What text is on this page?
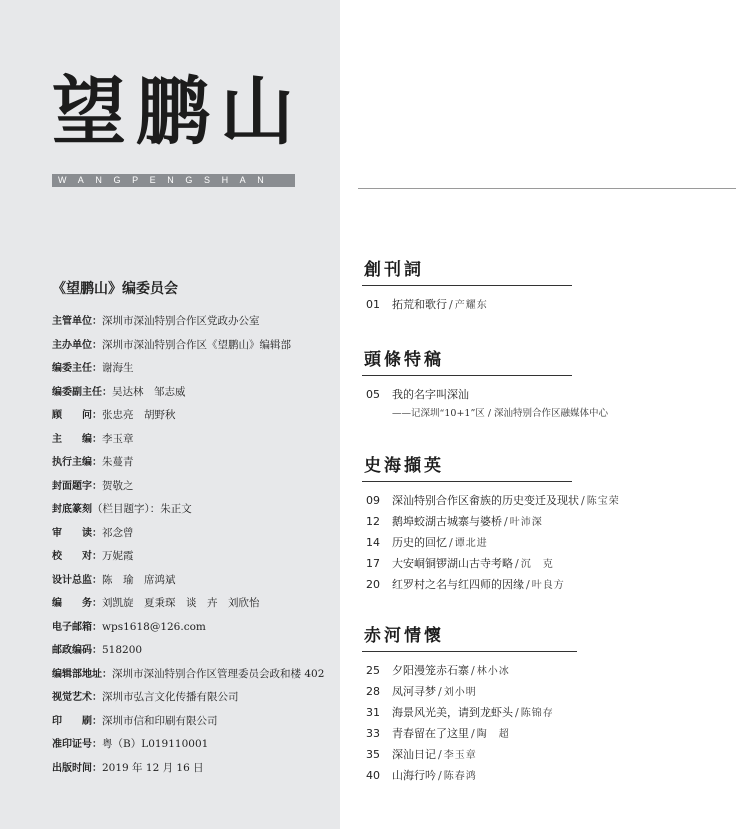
望鹏山
WANGPENGSHAN
《望鹏山》编委员会
主管单位：深圳市深汕特别合作区党政办公室
主办单位：深圳市深汕特别合作区《望鹏山》编辑部
编委主任：谢海生
编委副主任：吴达林　邹志威
顾　　问：张忠亮　胡野秋
主　　编：李玉章
执行主编：朱蔓青
封面题字：贺敬之
封底篆刻（栏目题字）：朱正文
审　　读：祁念曾
校　　对：万妮霞
设计总监：陈　瑜　席鸿斌
编　　务：刘凯旋　夏秉琛　谈　卉　刘欣怡
电子邮箱：wps1618@126.com
邮政编码：518200
编辑部地址：深圳市深汕特别合作区管理委员会政和楼 402
视觉艺术：深圳市弘言文化传播有限公司
印　　刷：深圳市信和印刷有限公司
准印证号：粤（B）L019110001
出版时间：2019 年 12 月 16 日
創刊詞
01 拓荒和歌行 / 产耀东
頭條特稿
05 我的名字叫深汕
——记深圳“10+1”区 / 深汕特别合作区融媒体中心
史海擷英
09 深汕特别合作区畲族的历史变迁及现状 / 陈宝荣
12 鹅埠蛟湖古城寨与婆桥 / 叶沛深
14 历史的回忆 / 谭北进
17 大安峒铜锣湖山古寺考略 / 沉　克
20 红罗村之名与红四师的因缘 / 叶良方
赤河情懷
25 夕阳漫笼赤石寨 / 林小冰
28 凤河寻梦 / 刘小明
31 海景风光美，请到龙虾头 / 陈锦存
33 青春留在了这里 / 陶　超
35 深汕日记 / 李玉章
40 山海行吟 / 陈春鸿
